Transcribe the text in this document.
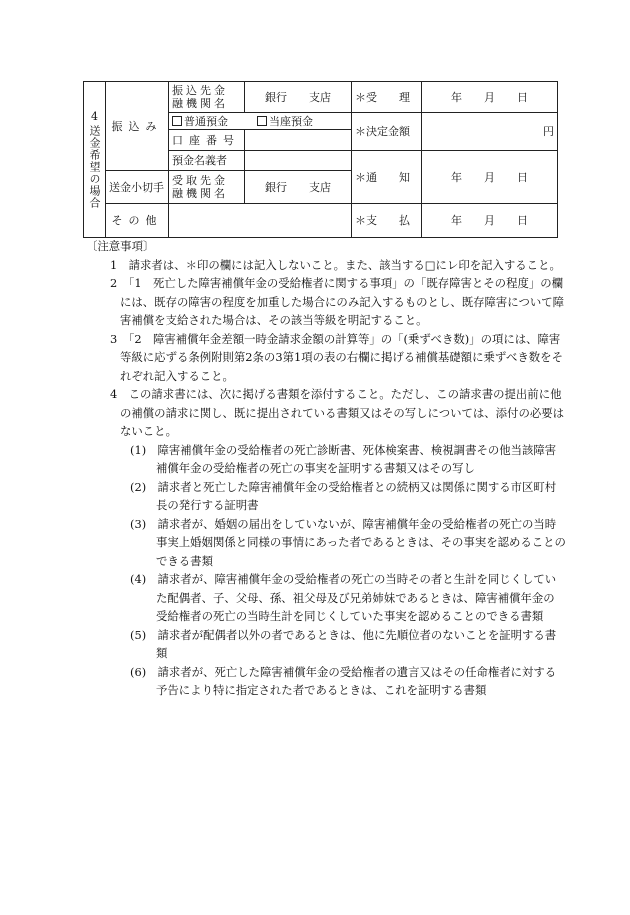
4
送金希望の場合	振込み	振込先金融機関名	銀行　　支店	＊受　　理	年　　月　　日
		普通預金 当座預金		＊決定金額	円
		口座番号			
		預金名義者		＊通　　知	年　　月　　日
	送金小切手	受取先金融機関名	銀行　　支店		
	その他			＊支　　払	年　　月　　日

〔注意事項〕

1　請求者は、＊印の欄には記入しないこと。また、該当する□にレ印を記入すること。

2　「1　死亡した障害補償年金の受給権者に関する事項」の「既存障害とその程度」の欄には、既存の障害の程度を加重した場合にのみ記入するものとし、既存障害について障害補償を支給された場合は、その該当等級を明記すること。

3　「2　障害補償年金差額一時金請求金額の計算等」の「(乗ずべき数)」の項には、障害等級に応ずる条例附則第2条の3第1項の表の右欄に掲げる補償基礎額に乗ずべき数をそれぞれ記入すること。

4　この請求書には、次に掲げる書類を添付すること。ただし、この請求書の提出前に他の補償の請求に関し、既に提出されている書類又はその写しについては、添付の必要はないこと。

(1)　障害補償年金の受給権者の死亡診断書、死体検案書、検視調書その他当該障害補償年金の受給権者の死亡の事実を証明する書類又はその写し

(2)　請求者と死亡した障害補償年金の受給権者との続柄又は関係に関する市区町村長の発行する証明書

(3)　請求者が、婚姻の届出をしていないが、障害補償年金の受給権者の死亡の当時事実上婚姻関係と同様の事情にあった者であるときは、その事実を認めることのできる書類

(4)　請求者が、障害補償年金の受給権者の死亡の当時その者と生計を同じくしていた配偶者、子、父母、孫、祖父母及び兄弟姉妹であるときは、障害補償年金の受給権者の死亡の当時生計を同じくしていた事実を認めることのできる書類

(5)　請求者が配偶者以外の者であるときは、他に先順位者のないことを証明する書類

(6)　請求者が、死亡した障害補償年金の受給権者の遺言又はその任命権者に対する予告により特に指定された者であるときは、これを証明する書類
